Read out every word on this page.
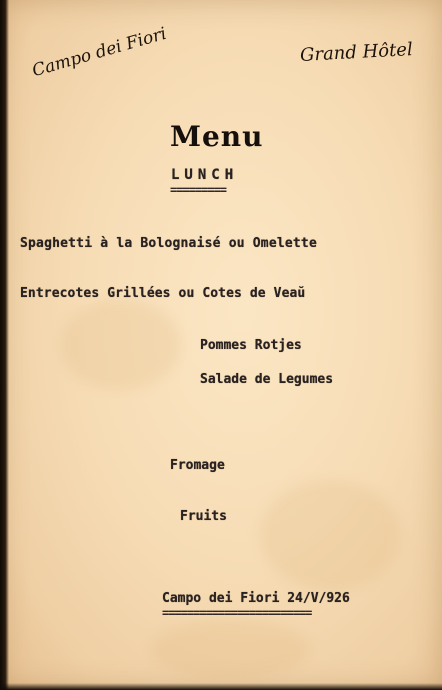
Campo dei Fiori	Grand Hôtel
Menu
LUNCH
=========
Spaghetti à la Bolognaisé ou Omelette
Entrecotes Grillées ou Cotes de Veaŭ
Pommes Rotjes
Salade de Legumes
Fromage
Fruits
Campo dei Fiori 24/V/926
========================
